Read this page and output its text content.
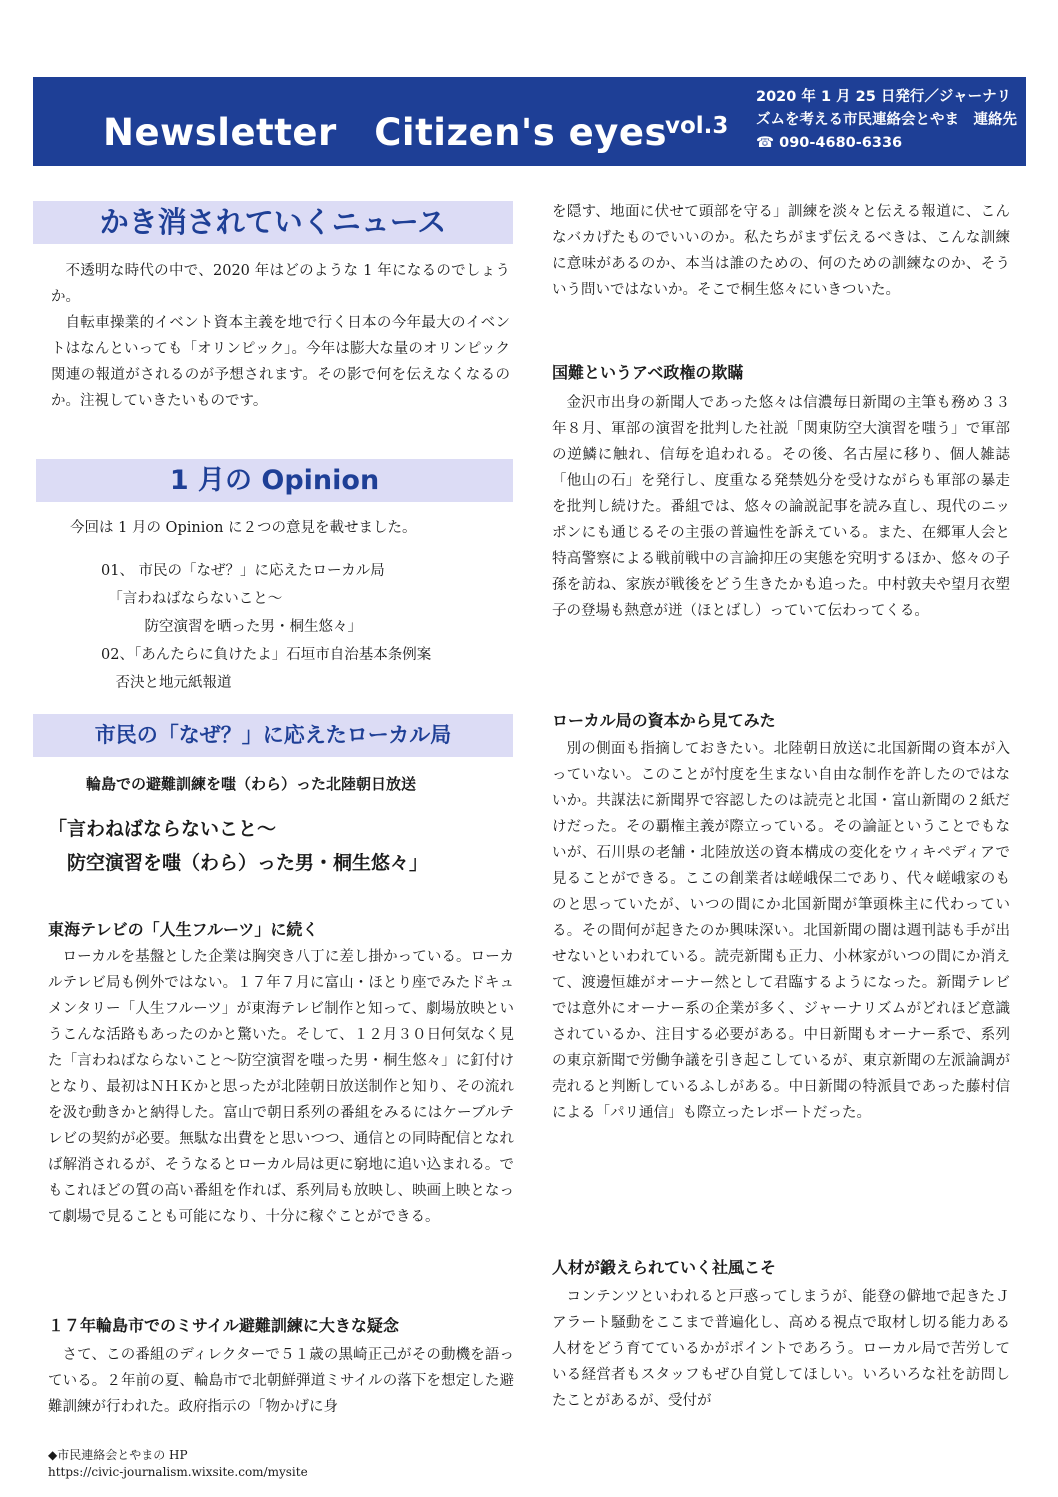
Newsletter　Citizen's eyes
vol.3
2020 年 1 月 25 日発行／ジャーナリズムを考える市民連絡会とやま　連絡先☎ 090-4680-6336
かき消されていくニュース

不透明な時代の中で、2020 年はどのような 1 年になるのでしょうか。

自転車操業的イベント資本主義を地で行く日本の今年最大のイベントはなんといっても「オリンピック」。今年は膨大な量のオリンピック関連の報道がされるのが予想されます。その影で何を伝えなくなるのか。注視していきたいものです。

1 月の Opinion
今回は 1 月の Opinion に２つの意見を載せました。
01、 市民の「なぜ？」に応えたローカル局
　「言わねばならないこと～
　　　防空演習を晒った男・桐生悠々」
02、「あんたらに負けたよ」石垣市自治基本条例案
　否決と地元紙報道
市民の「なぜ？」に応えたローカル局
輪島での避難訓練を嗤（わら）った北陸朝日放送
「言わねばならないこと～
　防空演習を嗤（わら）った男・桐生悠々」
東海テレビの「人生フルーツ」に続く

ローカルを基盤とした企業は胸突き八丁に差し掛かっている。ローカルテレビ局も例外ではない。１７年７月に富山・ほとり座でみたドキュメンタリー「人生フルーツ」が東海テレビ制作と知って、劇場放映というこんな活路もあったのかと驚いた。そして、１２月３０日何気なく見た「言わねばならないこと～防空演習を嗤った男・桐生悠々」に釘付けとなり、最初はＮＨＫかと思ったが北陸朝日放送制作と知り、その流れを汲む動きかと納得した。富山で朝日系列の番組をみるにはケーブルテレビの契約が必要。無駄な出費をと思いつつ、通信との同時配信となれば解消されるが、そうなるとローカル局は更に窮地に追い込まれる。でもこれほどの質の高い番組を作れば、系列局も放映し、映画上映となって劇場で見ることも可能になり、十分に稼ぐことができる。

１７年輪島市でのミサイル避難訓練に大きな疑念

さて、この番組のディレクターで５１歳の黒崎正己がその動機を語っている。２年前の夏、輪島市で北朝鮮弾道ミサイルの落下を想定した避難訓練が行われた。政府指示の「物かげに身

を隠す、地面に伏せて頭部を守る」訓練を淡々と伝える報道に、こんなバカげたものでいいのか。私たちがまず伝えるべきは、こんな訓練に意味があるのか、本当は誰のための、何のための訓練なのか、そういう問いではないか。そこで桐生悠々にいきついた。

国難というアベ政権の欺瞞

金沢市出身の新聞人であった悠々は信濃毎日新聞の主筆も務め３３年８月、軍部の演習を批判した社説「関東防空大演習を嗤う」で軍部の逆鱗に触れ、信毎を追われる。その後、名古屋に移り、個人雑誌「他山の石」を発行し、度重なる発禁処分を受けながらも軍部の暴走を批判し続けた。番組では、悠々の論説記事を読み直し、現代のニッポンにも通じるその主張の普遍性を訴えている。また、在郷軍人会と特高警察による戦前戦中の言論抑圧の実態を究明するほか、悠々の子孫を訪ね、家族が戦後をどう生きたかも追った。中村敦夫や望月衣塑子の登場も熱意が迸（ほとばし）っていて伝わってくる。

ローカル局の資本から見てみた

別の側面も指摘しておきたい。北陸朝日放送に北国新聞の資本が入っていない。このことが忖度を生まない自由な制作を許したのではないか。共謀法に新聞界で容認したのは読売と北国・富山新聞の２紙だけだった。その覇権主義が際立っている。その論証ということでもないが、石川県の老舗・北陸放送の資本構成の変化をウィキペディアで見ることができる。ここの創業者は嵯峨保二であり、代々嵯峨家のものと思っていたが、いつの間にか北国新聞が筆頭株主に代わっている。その間何が起きたのか興味深い。北国新聞の闇は週刊誌も手が出せないといわれている。読売新聞も正力、小林家がいつの間にか消えて、渡邊恒雄がオーナー然として君臨するようになった。新聞テレビでは意外にオーナー系の企業が多く、ジャーナリズムがどれほど意識されているか、注目する必要がある。中日新聞もオーナー系で、系列の東京新聞で労働争議を引き起こしているが、東京新聞の左派論調が売れると判断しているふしがある。中日新聞の特派員であった藤村信による「パリ通信」も際立ったレポートだった。

人材が鍛えられていく社風こそ

コンテンツといわれると戸惑ってしまうが、能登の僻地で起きたＪアラート騒動をここまで普遍化し、高める視点で取材し切る能力ある人材をどう育てているかがポイントであろう。ローカル局で苦労している経営者もスタッフもぜひ自覚してほしい。いろいろな社を訪問したことがあるが、受付が

◆市民連絡会とやまの HP
https://civic-journalism.wixsite.com/mysite
